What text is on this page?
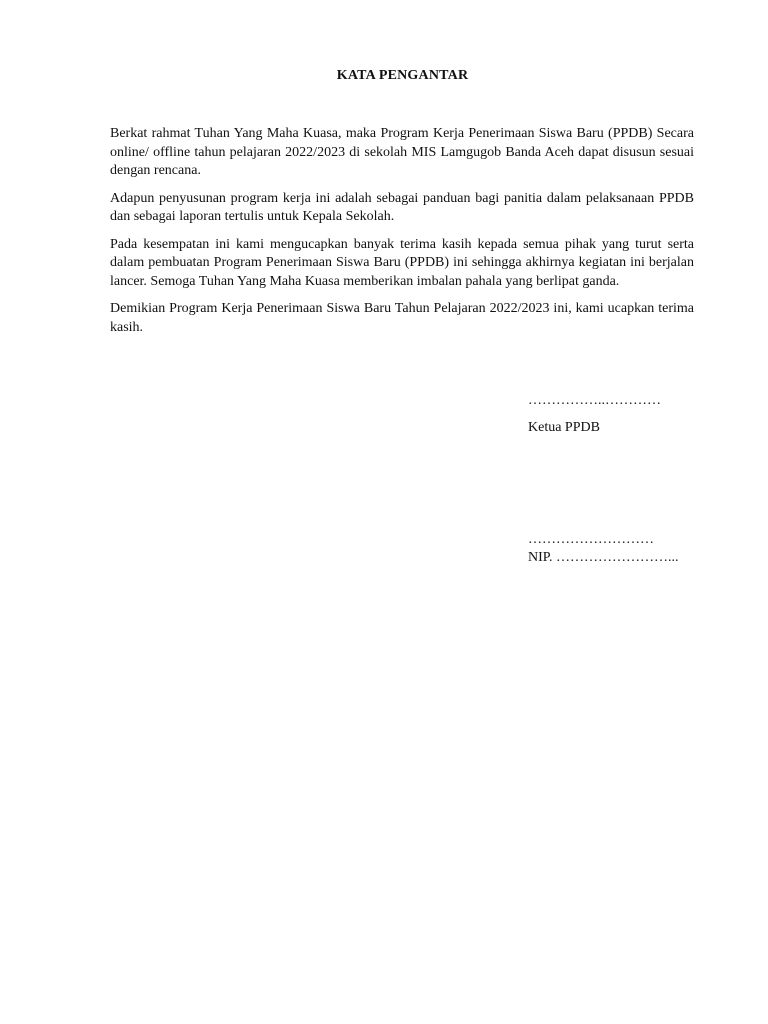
KATA PENGANTAR

Berkat rahmat Tuhan Yang Maha Kuasa, maka Program Kerja Penerimaan Siswa Baru (PPDB) Secara online/ offline tahun pelajaran 2022/2023 di sekolah MIS Lamgugob Banda Aceh dapat disusun sesuai dengan rencana.

Adapun penyusunan program kerja ini adalah sebagai panduan bagi panitia dalam pelaksanaan PPDB dan sebagai laporan tertulis untuk Kepala Sekolah.

Pada kesempatan ini kami mengucapkan banyak terima kasih kepada semua pihak yang turut serta dalam pembuatan Program Penerimaan Siswa Baru (PPDB) ini sehingga akhirnya kegiatan ini berjalan lancer. Semoga Tuhan Yang Maha Kuasa memberikan imbalan pahala yang berlipat ganda.

Demikian Program Kerja Penerimaan Siswa Baru Tahun Pelajaran 2022/2023 ini, kami ucapkan terima kasih.

……………..…………
Ketua PPDB
………………………
NIP. ……………………...
